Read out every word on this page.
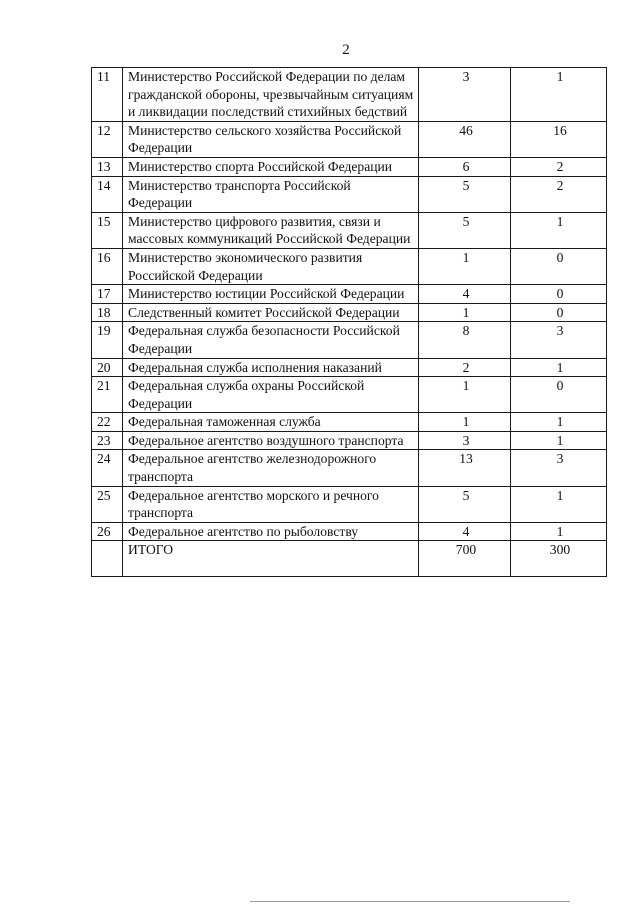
2
11	Министерство Российской Федерации по делам гражданской обороны, чрезвычайным ситуациям и ликвидации последствий стихийных бедствий	3	1
12	Министерство сельского хозяйства Российской Федерации	46	16
13	Министерство спорта Российской Федерации	6	2
14	Министерство транспорта Российской Федерации	5	2
15	Министерство цифрового развития, связи и массовых коммуникаций Российской Федерации	5	1
16	Министерство экономического развития Российской Федерации	1	0
17	Министерство юстиции Российской Федерации	4	0
18	Следственный комитет Российской Федерации	1	0
19	Федеральная служба безопасности Российской Федерации	8	3
20	Федеральная служба исполнения наказаний	2	1
21	Федеральная служба охраны Российской Федерации	1	0
22	Федеральная таможенная служба	1	1
23	Федеральное агентство воздушного транспорта	3	1
24	Федеральное агентство железнодорожного транспорта	13	3
25	Федеральное агентство морского и речного транспорта	5	1
26	Федеральное агентство по рыболовству	4	1
	ИТОГО	700	300
